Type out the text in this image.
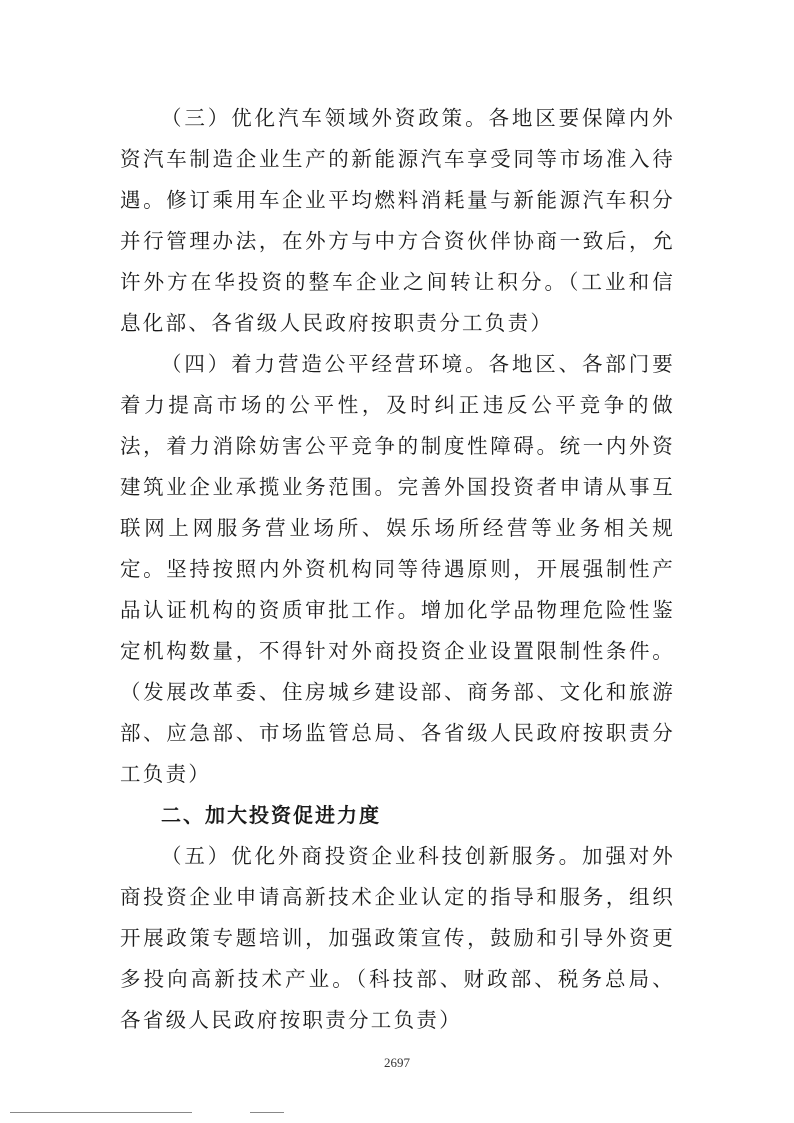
（三）优化汽车领域外资政策。各地区要保障内外资汽车制造企业生产的新能源汽车享受同等市场准入待遇。修订乘用车企业平均燃料消耗量与新能源汽车积分并行管理办法，在外方与中方合资伙伴协商一致后，允许外方在华投资的整车企业之间转让积分。（工业和信息化部、各省级人民政府按职责分工负责）

（四）着力营造公平经营环境。各地区、各部门要着力提高市场的公平性，及时纠正违反公平竞争的做法，着力消除妨害公平竞争的制度性障碍。统一内外资建筑业企业承揽业务范围。完善外国投资者申请从事互联网上网服务营业场所、娱乐场所经营等业务相关规定。坚持按照内外资机构同等待遇原则，开展强制性产品认证机构的资质审批工作。增加化学品物理危险性鉴定机构数量，不得针对外商投资企业设置限制性条件。（发展改革委、住房城乡建设部、商务部、文化和旅游部、应急部、市场监管总局、各省级人民政府按职责分工负责）

二、加大投资促进力度

（五）优化外商投资企业科技创新服务。加强对外商投资企业申请高新技术企业认定的指导和服务，组织开展政策专题培训，加强政策宣传，鼓励和引导外资更多投向高新技术产业。（科技部、财政部、税务总局、各省级人民政府按职责分工负责）

2697
